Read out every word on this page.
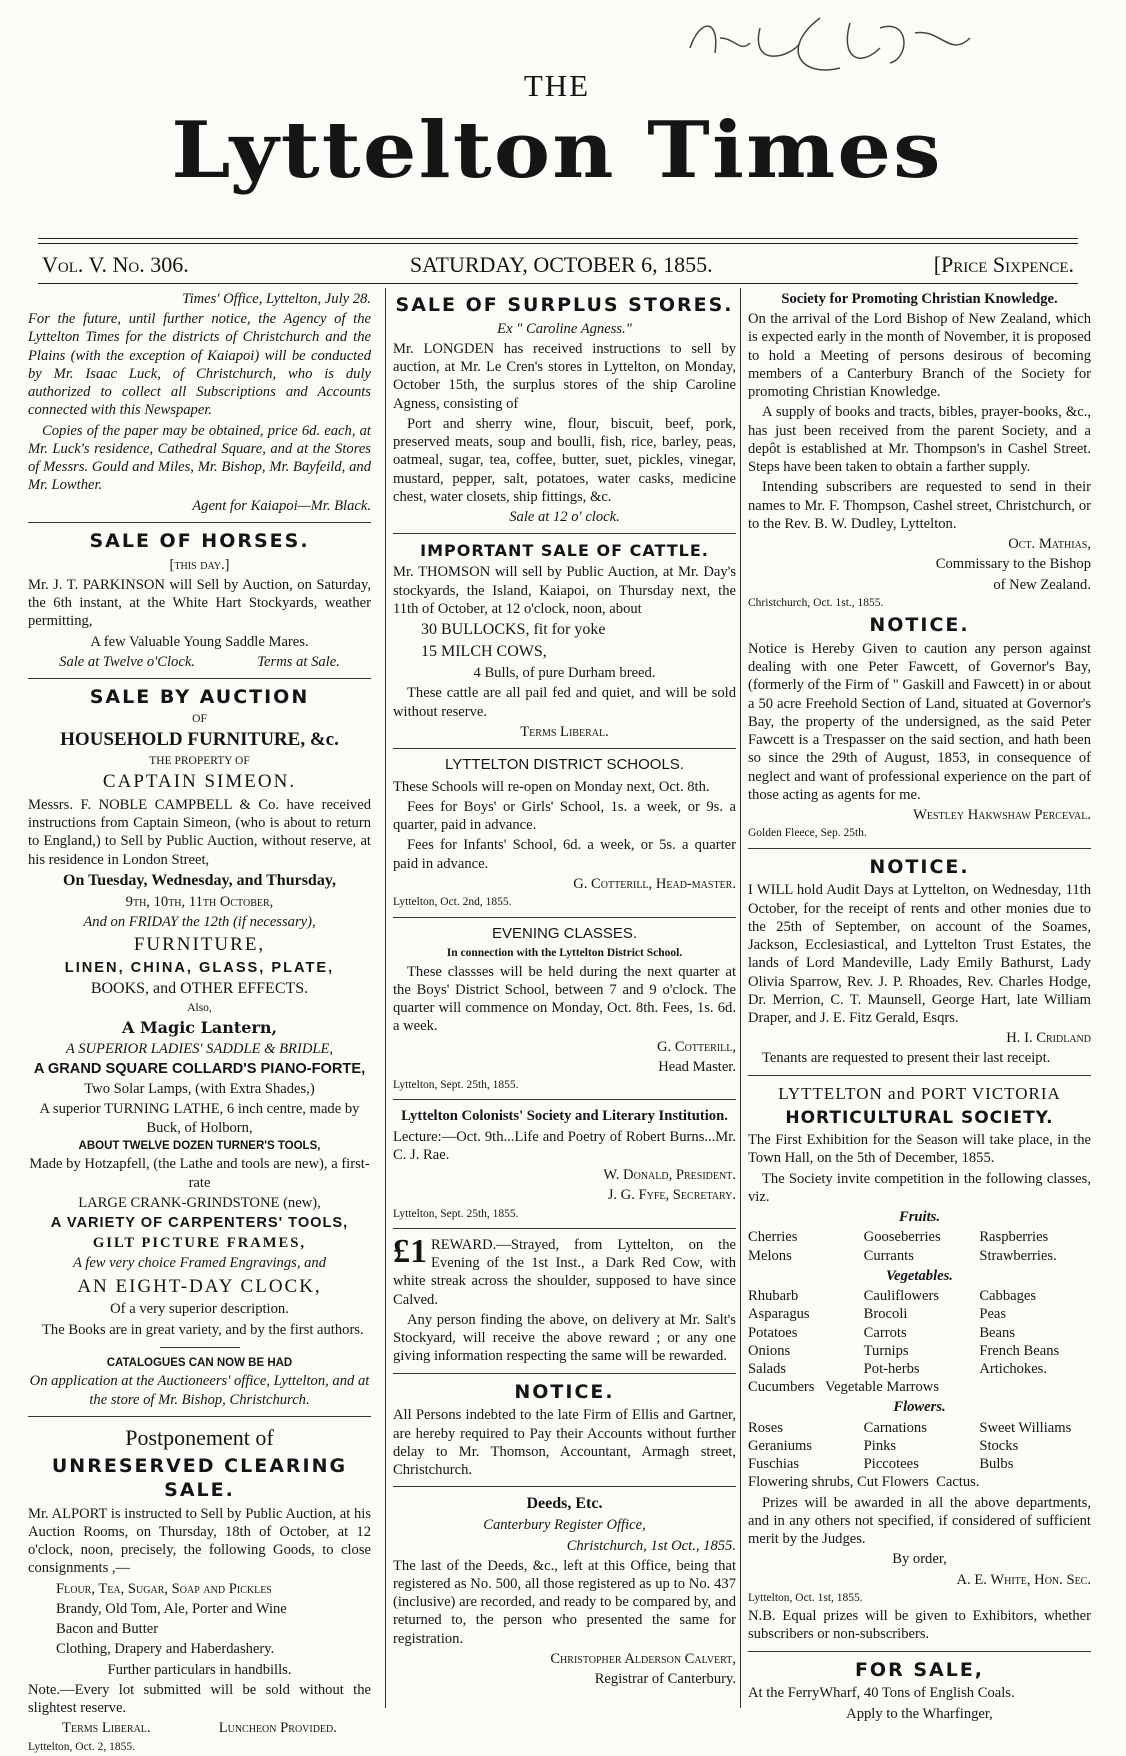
THE
Lyttelton Times
Vol. V. No. 306.	SATURDAY, OCTOBER 6, 1855.	[Price Sixpence.

Times' Office, Lyttelton, July 28.

For the future, until further notice, the Agency of the Lyttelton Times for the districts of Christchurch and the Plains (with the exception of Kaiapoi) will be conducted by Mr. Isaac Luck, of Christchurch, who is duly authorized to collect all Subscriptions and Accounts connected with this Newspaper.

Copies of the paper may be obtained, price 6d. each, at Mr. Luck's residence, Cathedral Square, and at the Stores of Messrs. Gould and Miles, Mr. Bishop, Mr. Bayfeild, and Mr. Lowther.

Agent for Kaiapoi—Mr. Black.

SALE OF HORSES.

[this day.]

Mr. J. T. PARKINSON will Sell by Auction, on Saturday, the 6th instant, at the White Hart Stockyards, weather permitting,

A few Valuable Young Saddle Mares.

Sale at Twelve o'Clock.	Terms at Sale.

SALE BY AUCTION

OF

HOUSEHOLD FURNITURE, &c.

THE PROPERTY OF

CAPTAIN SIMEON.

Messrs. F. NOBLE CAMPBELL & Co. have received instructions from Captain Simeon, (who is about to return to England,) to Sell by Public Auction, without reserve, at his residence in London Street,

On Tuesday, Wednesday, and Thursday,

9th, 10th, 11th October,

And on FRIDAY the 12th (if necessary),

FURNITURE,

LINEN, CHINA, GLASS, PLATE,

BOOKS, and OTHER EFFECTS.

Also,

A Magic Lantern,

A SUPERIOR LADIES' SADDLE & BRIDLE,

A GRAND SQUARE COLLARD'S PIANO-FORTE,

Two Solar Lamps, (with Extra Shades,)

A superior TURNING LATHE, 6 inch centre, made by Buck, of Holborn,

ABOUT TWELVE DOZEN TURNER'S TOOLS,

Made by Hotzapfell, (the Lathe and tools are new), a first-rate

LARGE CRANK-GRINDSTONE (new),

A VARIETY OF CARPENTERS' TOOLS,

GILT PICTURE FRAMES,

A few very choice Framed Engravings, and

AN EIGHT-DAY CLOCK,

Of a very superior description.

The Books are in great variety, and by the first authors.

CATALOGUES CAN NOW BE HAD

On application at the Auctioneers' office, Lyttelton, and at the store of Mr. Bishop, Christchurch.

Postponement of
UNRESERVED CLEARING SALE.

Mr. ALPORT is instructed to Sell by Public Auction, at his Auction Rooms, on Thursday, 18th of October, at 12 o'clock, noon, precisely, the following Goods, to close consignments ,—

Flour, Tea, Sugar, Soap and Pickles

Brandy, Old Tom, Ale, Porter and Wine

Bacon and Butter

Clothing, Drapery and Haberdashery.

Further particulars in handbills.

Note.—Every lot submitted will be sold without the slightest reserve.

Terms Liberal.	Luncheon Provided.

Lyttelton, Oct. 2, 1855.

SALE OF SURPLUS STORES.

Ex " Caroline Agness."

Mr. LONGDEN has received instructions to sell by auction, at Mr. Le Cren's stores in Lyttelton, on Monday, October 15th, the surplus stores of the ship Caroline Agness, consisting of

Port and sherry wine, flour, biscuit, beef, pork, preserved meats, soup and boulli, fish, rice, barley, peas, oatmeal, sugar, tea, coffee, butter, suet, pickles, vinegar, mustard, pepper, salt, potatoes, water casks, medicine chest, water closets, ship fittings, &c.

Sale at 12 o' clock.

IMPORTANT SALE OF CATTLE.

Mr. THOMSON will sell by Public Auction, at Mr. Day's stockyards, the Island, Kaiapoi, on Thursday next, the 11th of October, at 12 o'clock, noon, about

30 BULLOCKS, fit for yoke

15 MILCH COWS,

4 Bulls, of pure Durham breed.

These cattle are all pail fed and quiet, and will be sold without reserve.

Terms Liberal.

LYTTELTON DISTRICT SCHOOLS.

These Schools will re-open on Monday next, Oct. 8th.

Fees for Boys' or Girls' School, 1s. a week, or 9s. a quarter, paid in advance.

Fees for Infants' School, 6d. a week, or 5s. a quarter paid in advance.

G. Cotterill, Head-master.

Lyttelton, Oct. 2nd, 1855.

EVENING CLASSES.

In connection with the Lyttelton District School.

These classses will be held during the next quarter at the Boys' District School, between 7 and 9 o'clock. The quarter will commence on Monday, Oct. 8th. Fees, 1s. 6d. a week.

G. Cotterill,

Head Master.

Lyttelton, Sept. 25th, 1855.

Lyttelton Colonists' Society and Literary Institution.

Lecture:—Oct. 9th...Life and Poetry of Robert Burns...Mr. C. J. Rae.

W. Donald, President.

J. G. Fyfe, Secretary.

Lyttelton, Sept. 25th, 1855.

£1 REWARD.—Strayed, from Lyttelton, on the Evening of the 1st Inst., a Dark Red Cow, with white streak across the shoulder, supposed to have since Calved.

Any person finding the above, on delivery at Mr. Salt's Stockyard, will receive the above reward ; or any one giving information respecting the same will be rewarded.

NOTICE.

All Persons indebted to the late Firm of Ellis and Gartner, are hereby required to Pay their Accounts without further delay to Mr. Thomson, Accountant, Armagh street, Christchurch.

Deeds, Etc.

Canterbury Register Office,

Christchurch, 1st Oct., 1855.

The last of the Deeds, &c., left at this Office, being that registered as No. 500, all those registered as up to No. 437 (inclusive) are recorded, and ready to be compared by, and returned to, the person who presented the same for registration.

Christopher Alderson Calvert,

Registrar of Canterbury.

Society for Promoting Christian Knowledge.

On the arrival of the Lord Bishop of New Zealand, which is expected early in the month of November, it is proposed to hold a Meeting of persons desirous of becoming members of a Canterbury Branch of the Society for promoting Christian Knowledge.

A supply of books and tracts, bibles, prayer-books, &c., has just been received from the parent Society, and a depôt is established at Mr. Thompson's in Cashel Street. Steps have been taken to obtain a farther supply.

Intending subscribers are requested to send in their names to Mr. F. Thompson, Cashel street, Christchurch, or to the Rev. B. W. Dudley, Lyttelton.

Oct. Mathias,

Commissary to the Bishop

of New Zealand.

Christchurch, Oct. 1st., 1855.

NOTICE.

Notice is Hereby Given to caution any person against dealing with one Peter Fawcett, of Governor's Bay, (formerly of the Firm of " Gaskill and Fawcett) in or about a 50 acre Freehold Section of Land, situated at Governor's Bay, the property of the undersigned, as the said Peter Fawcett is a Trespasser on the said section, and hath been so since the 29th of August, 1853, in consequence of neglect and want of professional experience on the part of those acting as agents for me.

Westley Hakwshaw Perceval.

Golden Fleece, Sep. 25th.

NOTICE.

I WILL hold Audit Days at Lyttelton, on Wednesday, 11th October, for the receipt of rents and other monies due to the 25th of September, on account of the Soames, Jackson, Ecclesiastical, and Lyttelton Trust Estates, the lands of Lord Mandeville, Lady Emily Bathurst, Lady Olivia Sparrow, Rev. J. P. Rhoades, Rev. Charles Hodge, Dr. Merrion, C. T. Maunsell, George Hart, late William Draper, and J. E. Fitz Gerald, Esqrs.

H. I. Cridland

Tenants are requested to present their last receipt.

LYTTELTON and PORT VICTORIA

HORTICULTURAL SOCIETY.

The First Exhibition for the Season will take place, in the Town Hall, on the 5th of December, 1855.

The Society invite competition in the following classes, viz.

Fruits.

Cherries	Gooseberries	Raspberries
Melons	Currants	Strawberries.

Vegetables.

Rhubarb	Cauliflowers	Cabbages
Asparagus	Brocoli	Peas
Potatoes	Carrots	Beans
Onions	Turnips	French Beans
Salads	Pot-herbs	Artichokes.

Cucumbers   Vegetable Marrows

Flowers.

Roses	Carnations	Sweet Williams
Geraniums	Pinks	Stocks
Fuschias	Piccotees	Bulbs

Flowering shrubs, Cut Flowers  Cactus.

Prizes will be awarded in all the above departments, and in any others not specified, if considered of sufficient merit by the Judges.

By order,

A. E. White, Hon. Sec.

Lyttelton, Oct. 1st, 1855.

N.B. Equal prizes will be given to Exhibitors, whether subscribers or non-subscribers.

FOR SALE,

At the FerryWharf, 40 Tons of English Coals.

Apply to the Wharfinger,
